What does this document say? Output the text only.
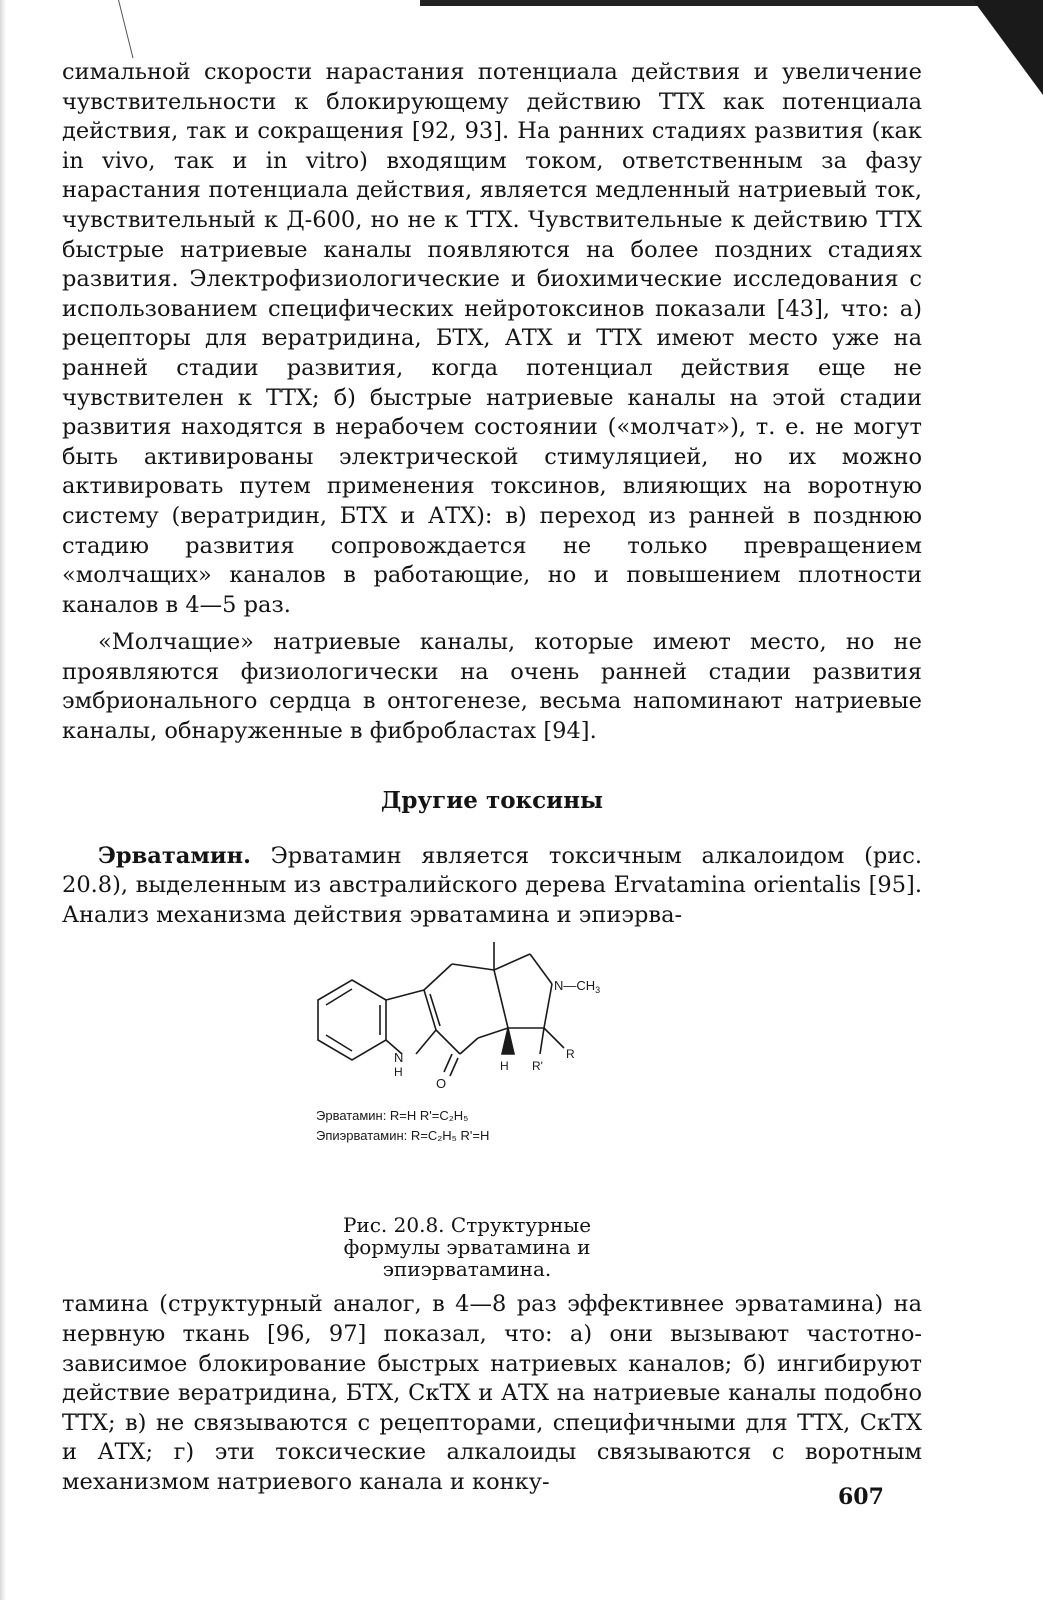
симальной скорости нарастания потенциала действия и увеличение чувствительности к блокирующему действию ТТХ как потенциала действия, так и сокращения [92, 93]. На ранних стадиях развития (как in vivo, так и in vitro) входящим током, ответственным за фазу нарастания потенциала действия, является медленный натриевый ток, чувствительный к Д-600, но не к ТТХ. Чувствительные к действию ТТХ быстрые натриевые каналы появляются на более поздних стадиях развития. Электрофизиологические и биохимические исследования с использованием специфических нейротоксинов показали [43], что: а) рецепторы для вератридина, БТХ, АТХ и ТТХ имеют место уже на ранней стадии развития, когда потенциал действия еще не чувствителен к ТТХ; б) быстрые натриевые каналы на этой стадии развития находятся в нерабочем состоянии («молчат»), т. е. не могут быть активированы электрической стимуляцией, но их можно активировать путем применения токсинов, влияющих на воротную систему (вератридин, БТХ и АТХ): в) переход из ранней в позднюю стадию развития сопровождается не только превращением «молчащих» каналов в работающие, но и повышением плотности каналов в 4—5 раз.

«Молчащие» натриевые каналы, которые имеют место, но не проявляются физиологически на очень ранней стадии развития эмбрионального сердца в онтогенезе, весьма напоминают натриевые каналы, обнаруженные в фибробластах [94].

Другие токсины

Эрватамин. Эрватамин является токсичным алкалоидом (рис. 20.8), выделенным из австралийского дерева Ervatamina orientalis [95]. Анализ механизма действия эрватамина и эпиэрва-

$N—CH_3$
N
H
O
H R'
R
Эрватамин: R=H R'=C₂H₅
Эпиэрватамин: R=C₂H₅ R'=H
Рис. 20.8. Структурные формулы эрватамина и эпиэрватамина.

тамина (структурный аналог, в 4—8 раз эффективнее эрватамина) на нервную ткань [96, 97] показал, что: а) они вызывают частотно-зависимое блокирование быстрых натриевых каналов; б) ингибируют действие вератридина, БТХ, СкТХ и АТХ на натриевые каналы подобно ТТХ; в) не связываются с рецепторами, специфичными для ТТХ, СкТХ и АТХ; г) эти токсические алкалоиды связываются с воротным механизмом натриевого канала и конку-

607
